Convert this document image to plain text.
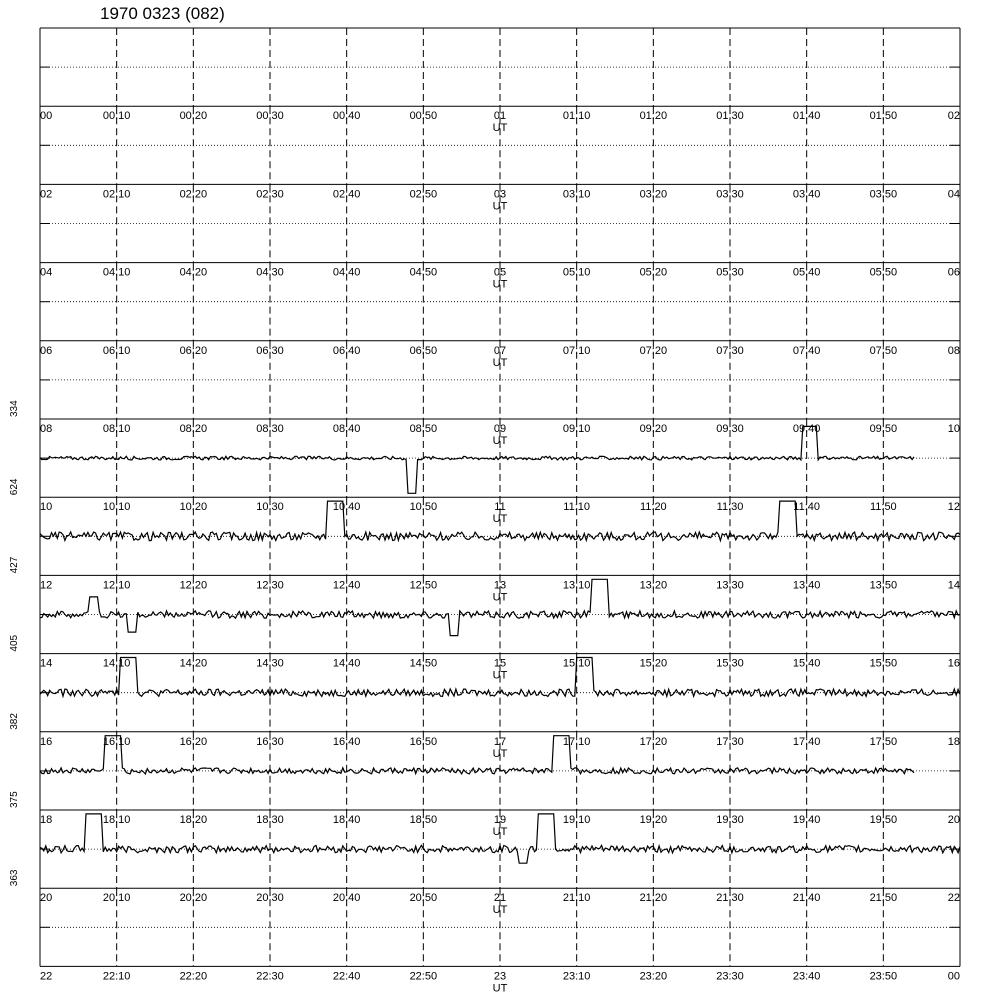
1970 0323 (082)
00	00:10	00:20	00:30	00:40	00:50	01	01:10	01:20	01:30	01:40	01:50	02
UT
02	02:10	02:20	02:30	02:40	02:50	03	03:10	03:20	03:30	03:40	03:50	04
UT
04	04:10	04:20	04:30	04:40	04:50	05	05:10	05:20	05:30	05:40	05:50	06
UT
06	06:10	06:20	06:30	06:40	06:50	07	07:10	07:20	07:30	07:40	07:50	08
UT
08	08:10	08:20	08:30	08:40	08:50	09	09:10	09:20	09:30	09:40	09:50	10
UT
334
10	10:10	10:20	10:30	10:40	10:50	11	11:10	11:20	11:30	11:40	11:50	12
UT
624
12	12:10	12:20	12:30	12:40	12:50	13	13:10	13:20	13:30	13:40	13:50	14
UT
427
14	14:10	14:20	14:30	14:40	14:50	15	15:10	15:20	15:30	15:40	15:50	16
UT
405
16	16:10	16:20	16:30	16:40	16:50	17	17:10	17:20	17:30	17:40	17:50	18
UT
382
18	18:10	18:20	18:30	18:40	18:50	19	19:10	19:20	19:30	19:40	19:50	20
UT
375
20	20:10	20:20	20:30	20:40	20:50	21	21:10	21:20	21:30	21:40	21:50	22
UT
363
22	22:10	22:20	22:30	22:40	22:50	23	23:10	23:20	23:30	23:40	23:50	00
UT
